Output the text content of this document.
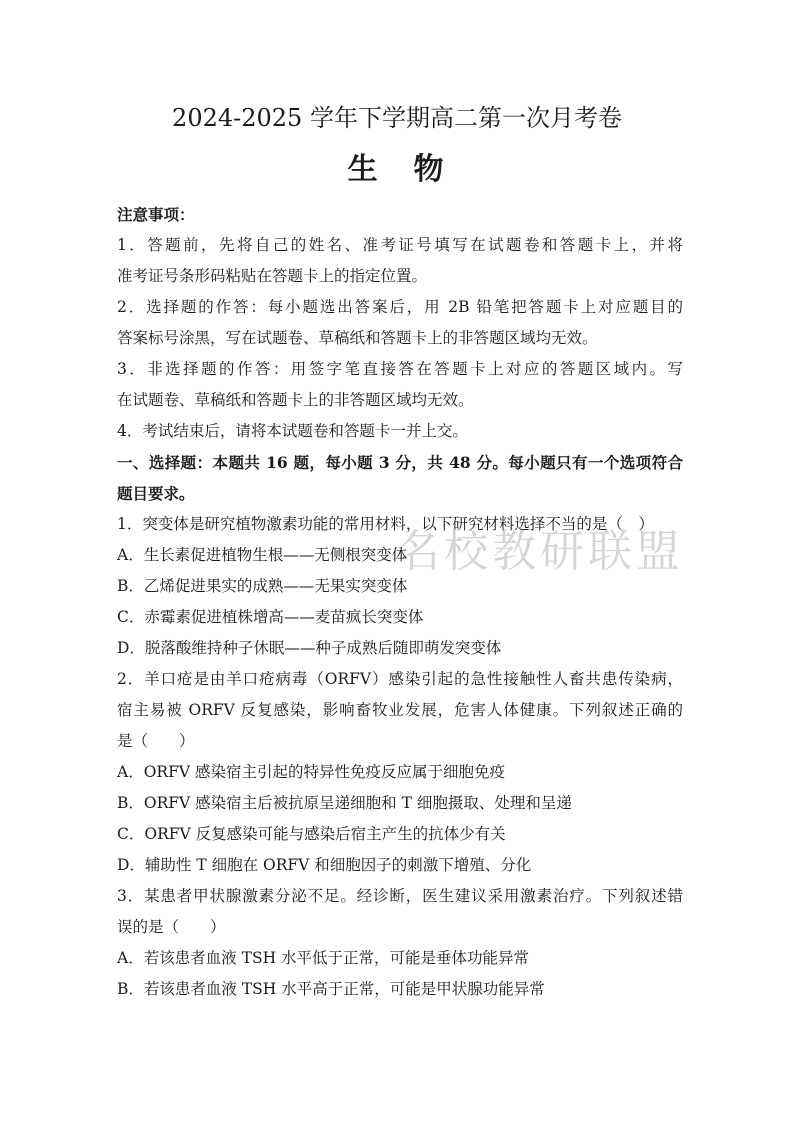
2024-2025 学年下学期高二第一次月考卷
生　物
名校教研联盟
注意事项：
1．答题前，先将自己的姓名、准考证号填写在试题卷和答题卡上，并将
准考证号条形码粘贴在答题卡上的指定位置。
2．选择题的作答：每小题选出答案后，用 2B 铅笔把答题卡上对应题目的
答案标号涂黑，写在试题卷、草稿纸和答题卡上的非答题区域均无效。
3．非选择题的作答：用签字笔直接答在答题卡上对应的答题区域内。写
在试题卷、草稿纸和答题卡上的非答题区域均无效。
4．考试结束后，请将本试题卷和答题卡一并上交。
一、选择题：本题共 16 题，每小题 3 分，共 48 分。每小题只有一个选项符合
题目要求。
1．突变体是研究植物激素功能的常用材料，以下研究材料选择不当的是（　）
A．生长素促进植物生根——无侧根突变体
B．乙烯促进果实的成熟——无果实突变体
C．赤霉素促进植株增高——麦苗疯长突变体
D．脱落酸维持种子休眠——种子成熟后随即萌发突变体
2．羊口疮是由羊口疮病毒（ORFV）感染引起的急性接触性人畜共患传染病，
宿主易被 ORFV 反复感染，影响畜牧业发展，危害人体健康。下列叙述正确的
是（　　）
A．ORFV 感染宿主引起的特异性免疫反应属于细胞免疫
B．ORFV 感染宿主后被抗原呈递细胞和 T 细胞摄取、处理和呈递
C．ORFV 反复感染可能与感染后宿主产生的抗体少有关
D．辅助性 T 细胞在 ORFV 和细胞因子的刺激下增殖、分化
3．某患者甲状腺激素分泌不足。经诊断，医生建议采用激素治疗。下列叙述错
误的是（　　）
A．若该患者血液 TSH 水平低于正常，可能是垂体功能异常
B．若该患者血液 TSH 水平高于正常，可能是甲状腺功能异常
